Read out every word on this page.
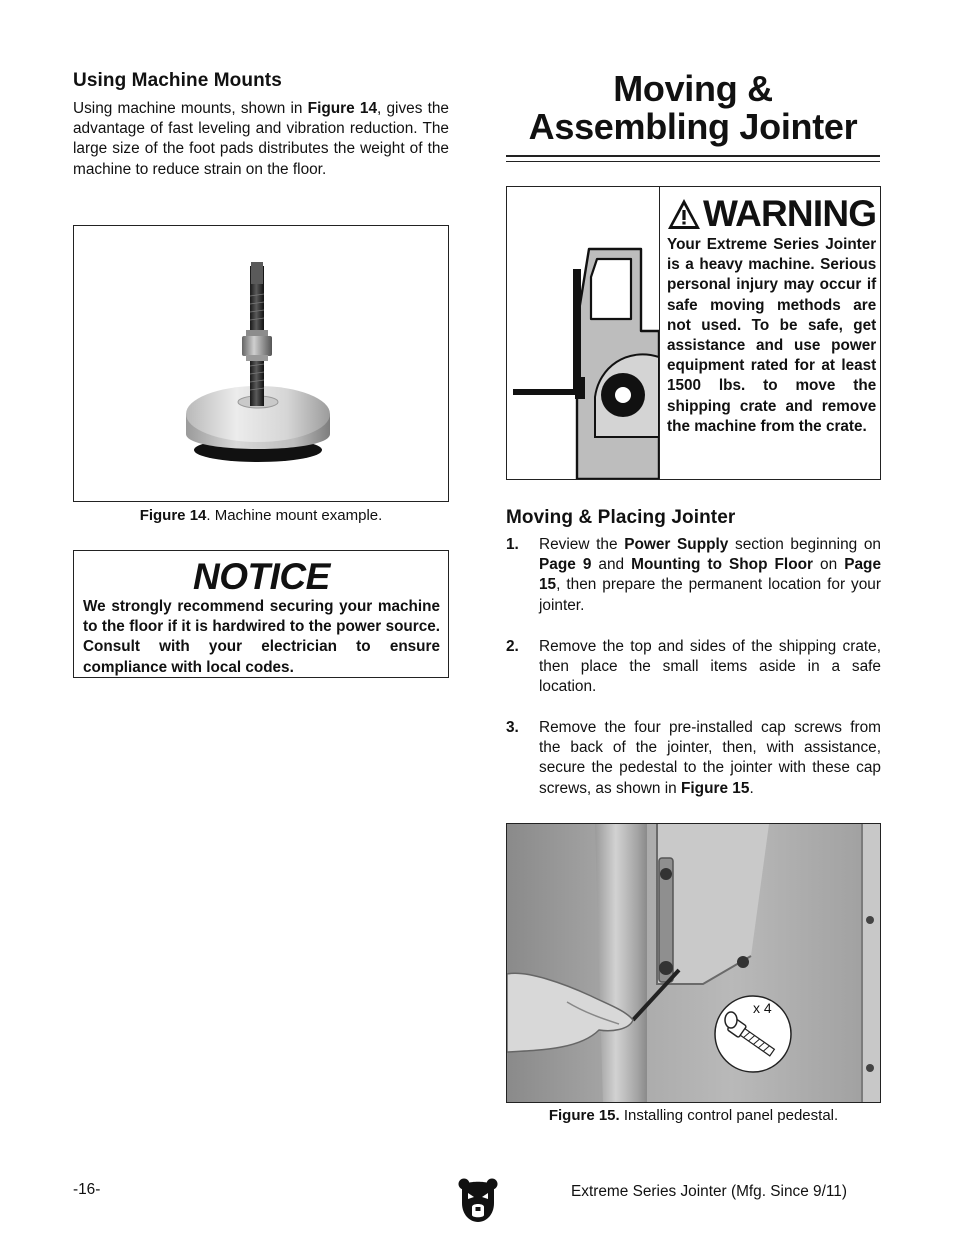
Using Machine Mounts
Using machine mounts, shown in Figure 14, gives the advantage of fast leveling and vibration reduction. The large size of the foot pads distributes the weight of the machine to reduce strain on the floor.
Figure 14. Machine mount example.
NOTICE
We strongly recommend securing your machine to the floor if it is hardwired to the power source. Consult with your electrician to ensure compliance with local codes.
Moving &
Assembling Jointer
WARNING
Your Extreme Series Jointer is a heavy machine. Serious personal injury may occur if safe moving methods are not used. To be safe, get assistance and use power equipment rated for at least 1500 lbs. to move the shipping crate and remove the machine from the crate.
Moving & Placing Jointer
1. Review the Power Supply section beginning on Page 9 and Mounting to Shop Floor on Page 15, then prepare the permanent location for your jointer.
2. Remove the top and sides of the shipping crate, then place the small items aside in a safe location.
3. Remove the four pre-installed cap screws from the back of the jointer, then, with assistance, secure the pedestal to the jointer with these cap screws, as shown in Figure 15.
x 4
Figure 15. Installing control panel pedestal.
-16-	Extreme Series Jointer (Mfg. Since 9/11)
